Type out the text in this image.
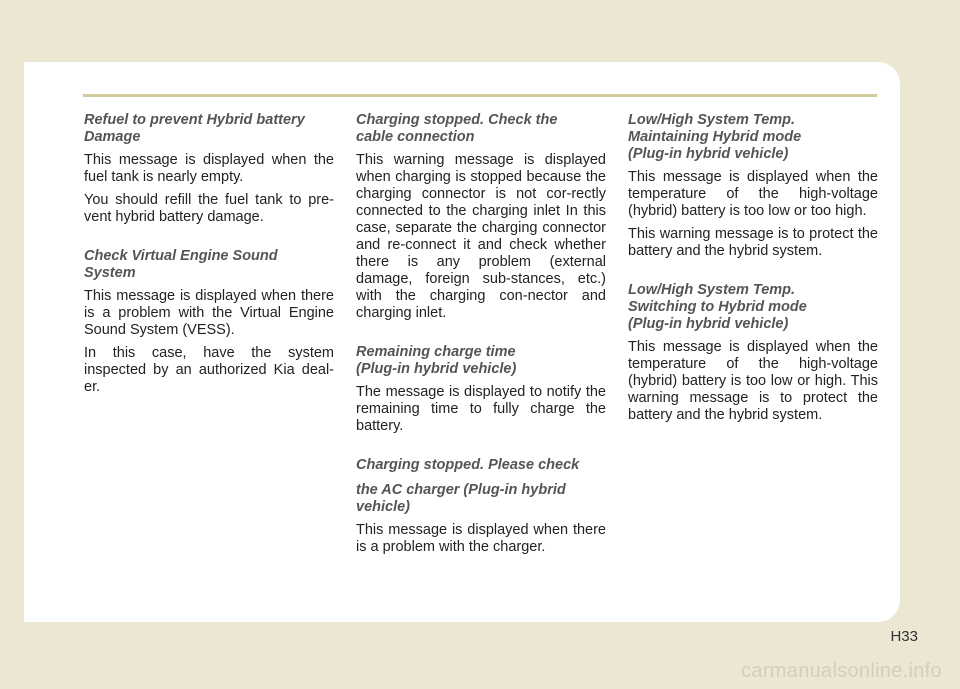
Refuel to prevent Hybrid battery
Damage

This message is displayed when the fuel tank is nearly empty.

You should refill the fuel tank to pre-vent hybrid battery damage.

Check Virtual Engine Sound
System

This message is displayed when there is a problem with the Virtual Engine Sound System (VESS).

In this case, have the system inspected by an authorized Kia deal-er.

Charging stopped. Check the
cable connection

This warning message is displayed when charging is stopped because the charging connector is not cor-rectly connected to the charging inlet In this case, separate the charging connector and re-connect it and check whether there is any problem (external damage, foreign sub-stances, etc.) with the charging con-nector and charging inlet.

Remaining charge time
(Plug-in hybrid vehicle)

The message is displayed to notify the remaining time to fully charge the battery.

Charging stopped. Please check
the AC charger (Plug-in hybrid
vehicle)

This message is displayed when there is a problem with the charger.

Low/High System Temp.
Maintaining Hybrid mode
(Plug-in hybrid vehicle)

This message is displayed when the temperature of the high-voltage (hybrid) battery is too low or too high.

This warning message is to protect the battery and the hybrid system.

Low/High System Temp.
Switching to Hybrid mode
(Plug-in hybrid vehicle)

This message is displayed when the temperature of the high-voltage (hybrid) battery is too low or high. This warning message is to protect the battery and the hybrid system.

H33
carmanualsonline.info
